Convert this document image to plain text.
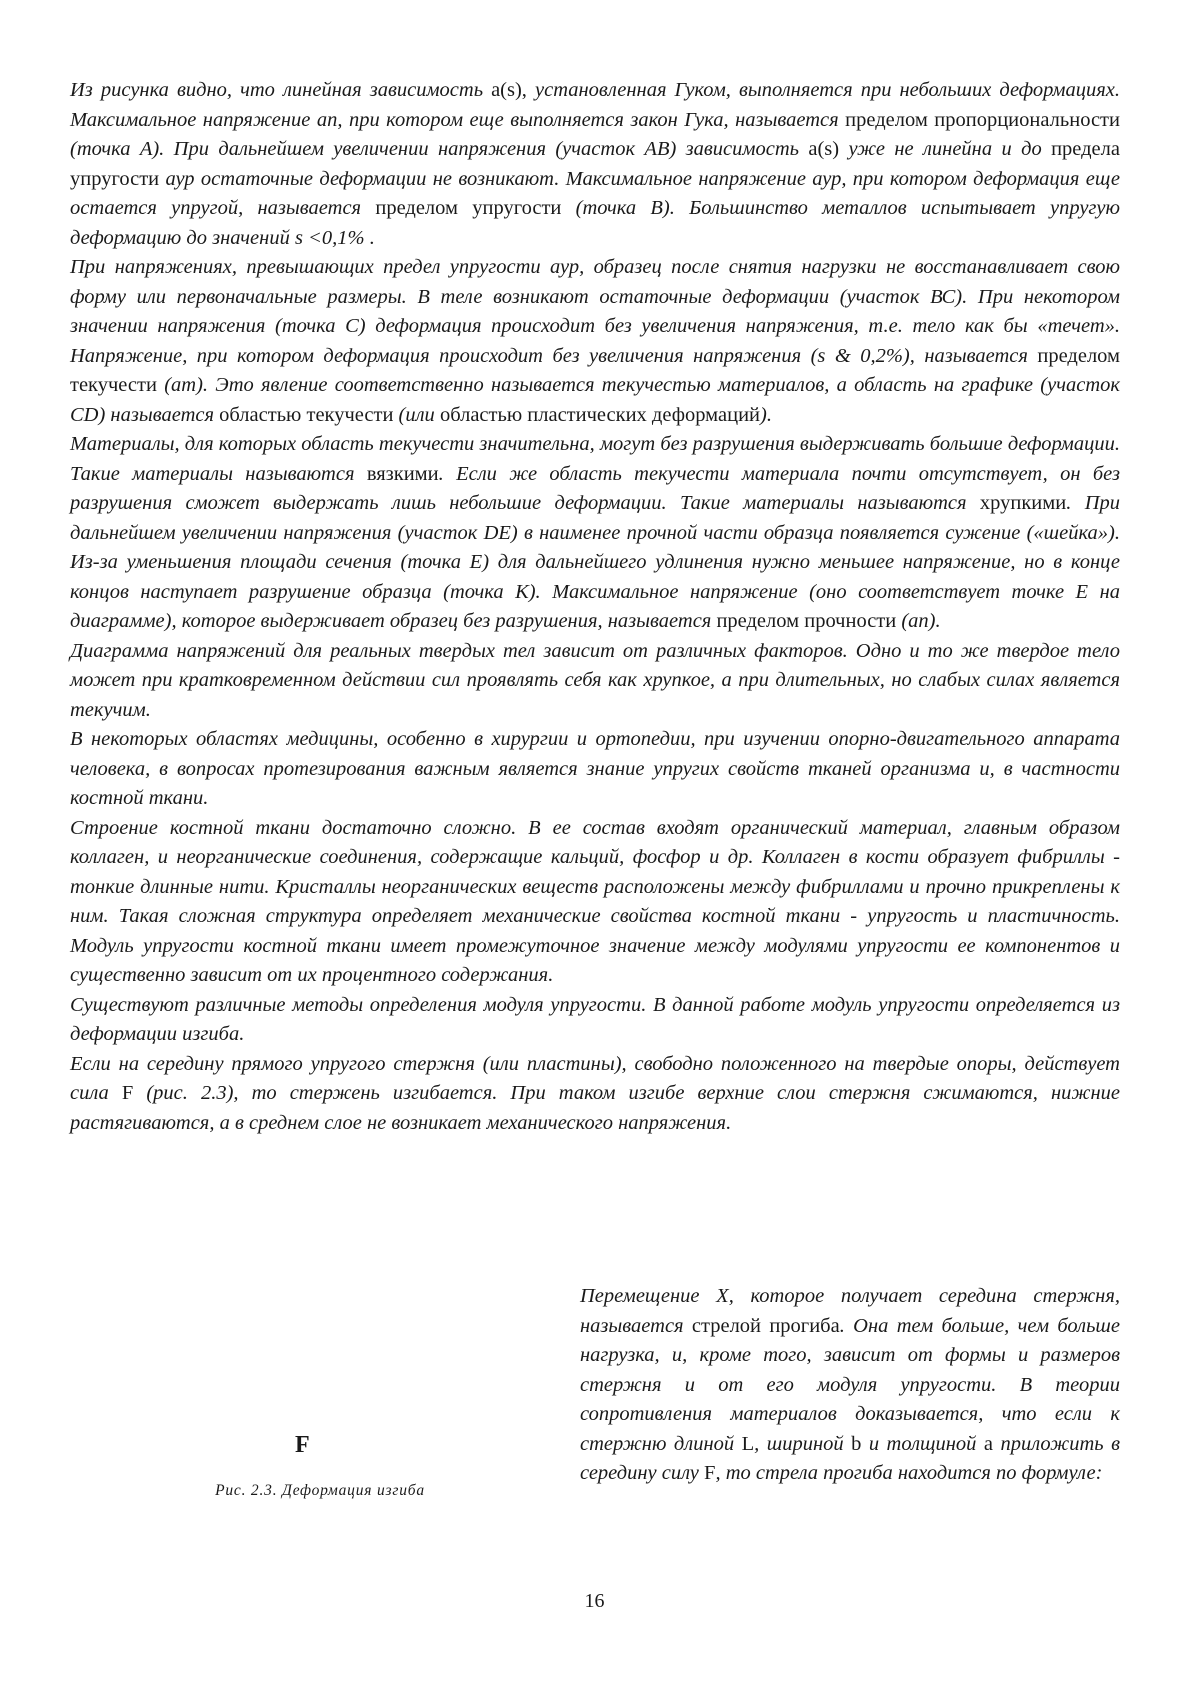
Из рисунка видно, что линейная зависимость a(s), установленная Гуком, выполняется при небольших деформациях. Максимальное напряжение ап, при котором еще выполняется закон Гука, называется пределом пропорциональности (точка А). При дальнейшем увеличении напряжения (участок АВ) зависимость a(s) уже не линейна и до предела упругости аур остаточные деформации не возникают. Максимальное напряжение аур, при котором деформация еще остается упругой, называется пределом упругости (точка В). Большинство металлов испытывает упругую деформацию до значений s <0,1% .

При напряжениях, превышающих предел упругости аур, образец после снятия нагрузки не восстанавливает свою форму или первоначальные размеры. В теле возникают остаточные деформации (участок ВС). При некотором значении напряжения (точка С) деформация происходит без увеличения напряжения, т.е. тело как бы «течет». Напряжение, при котором деформация происходит без увеличения напряжения (s & 0,2%), называется пределом текучести (ат). Это явление соответственно называется текучестью материалов, а область на графике (участок CD) называется областью текучести (или областью пластических деформаций).

Материалы, для которых область текучести значительна, могут без разрушения выдерживать большие деформации. Такие материалы называются вязкими. Если же область текучести материала почти отсутствует, он без разрушения сможет выдержать лишь небольшие деформации. Такие материалы называются хрупкими. При дальнейшем увеличении напряжения (участок DE) в наименее прочной части образца появляется сужение («шейка»). Из-за уменьшения площади сечения (точка Е) для дальнейшего удлинения нужно меньшее напряжение, но в конце концов наступает разрушение образца (точка К). Максимальное напряжение (оно соответствует точке Е на диаграмме), которое выдерживает образец без разрушения, называется пределом прочности (ап).

Диаграмма напряжений для реальных твердых тел зависит от различных факторов. Одно и то же твердое тело может при кратковременном действии сил проявлять себя как хрупкое, а при длительных, но слабых силах является текучим.

В некоторых областях медицины, особенно в хирургии и ортопедии, при изучении опорно-двигательного аппарата человека, в вопросах протезирования важным является знание упругих свойств тканей организма и, в частности костной ткани.

Строение костной ткани достаточно сложно. В ее состав входят органический материал, главным образом коллаген, и неорганические соединения, содержащие кальций, фосфор и др. Коллаген в кости образует фибриллы - тонкие длинные нити. Кристаллы неорганических веществ расположены между фибриллами и прочно прикреплены к ним. Такая сложная структура определяет механические свойства костной ткани - упругость и пластичность. Модуль упругости костной ткани имеет промежуточное значение между модулями упругости ее компонентов и существенно зависит от их процентного содержания.

Существуют различные методы определения модуля упругости. В данной работе модуль упругости определяется из деформации изгиба.

Если на середину прямого упругого стержня (или пластины), свободно положенного на твердые опоры, действует сила F (рис. 2.3), то стержень изгибается. При таком изгибе верхние слои стержня сжимаются, нижние растягиваются, а в среднем слое не возникает механического напряжения.

F
Рис. 2.3. Деформация изгиба

Перемещение X, которое получает середина стержня, называется стрелой прогиба. Она тем больше, чем больше нагрузка, и, кроме того, зависит от формы и размеров стержня и от его модуля упругости. В теории сопротивления материалов доказывается, что если к стержню длиной L, шириной b и толщиной a приложить в середину силу F, то стрела прогиба находится по формуле:

16
